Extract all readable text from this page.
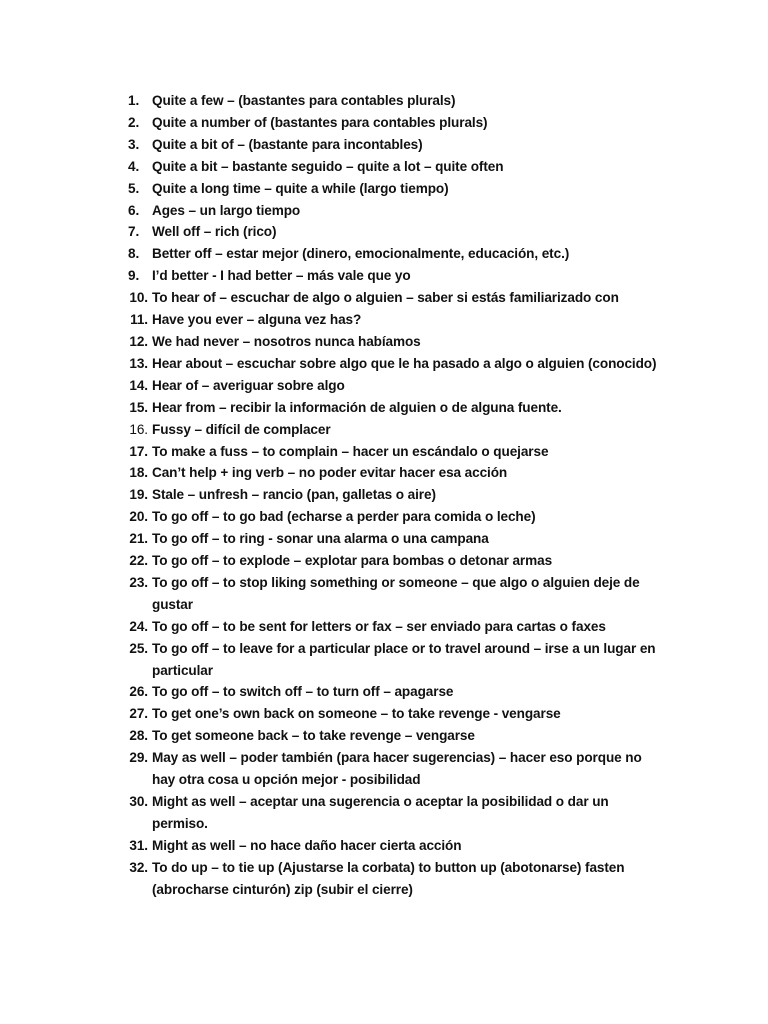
1. Quite a few – (bastantes para contables plurals)
2. Quite a number of (bastantes para contables plurals)
3. Quite a bit of – (bastante para incontables)
4. Quite a bit – bastante seguido – quite a lot – quite often
5. Quite a long time – quite a while (largo tiempo)
6. Ages – un largo tiempo
7. Well off – rich (rico)
8. Better off – estar mejor (dinero, emocionalmente, educación, etc.)
9. I’d better - I had better – más vale que yo
10. To hear of – escuchar de algo o alguien – saber si estás familiarizado con
11. Have you ever – alguna vez has?
12. We had never – nosotros nunca habíamos
13. Hear about – escuchar sobre algo que le ha pasado a algo o alguien (conocido)
14. Hear of – averiguar sobre algo
15. Hear from – recibir la información de alguien o de alguna fuente.
16. Fussy – difícil de complacer
17. To make a fuss – to complain – hacer un escándalo o quejarse
18. Can’t help + ing verb – no poder evitar hacer esa acción
19. Stale – unfresh – rancio (pan, galletas o aire)
20. To go off – to go bad (echarse a perder para comida o leche)
21. To go off – to ring - sonar una alarma o una campana
22. To go off – to explode – explotar para bombas o detonar armas
23. To go off – to stop liking something or someone – que algo o alguien deje de gustar
24. To go off – to be sent for letters or fax – ser enviado para cartas o faxes
25. To go off – to leave for a particular place or to travel around – irse a un lugar en particular
26. To go off – to switch off – to turn off – apagarse
27. To get one’s own back on someone – to take revenge - vengarse
28. To get someone back – to take revenge – vengarse
29. May as well – poder también (para hacer sugerencias) – hacer eso porque no hay otra cosa u opción mejor - posibilidad
30. Might as well – aceptar una sugerencia o aceptar la posibilidad o dar un permiso.
31. Might as well – no hace daño hacer cierta acción
32. To do up – to tie up (Ajustarse la corbata) to button up (abotonarse) fasten (abrocharse cinturón) zip (subir el cierre)
